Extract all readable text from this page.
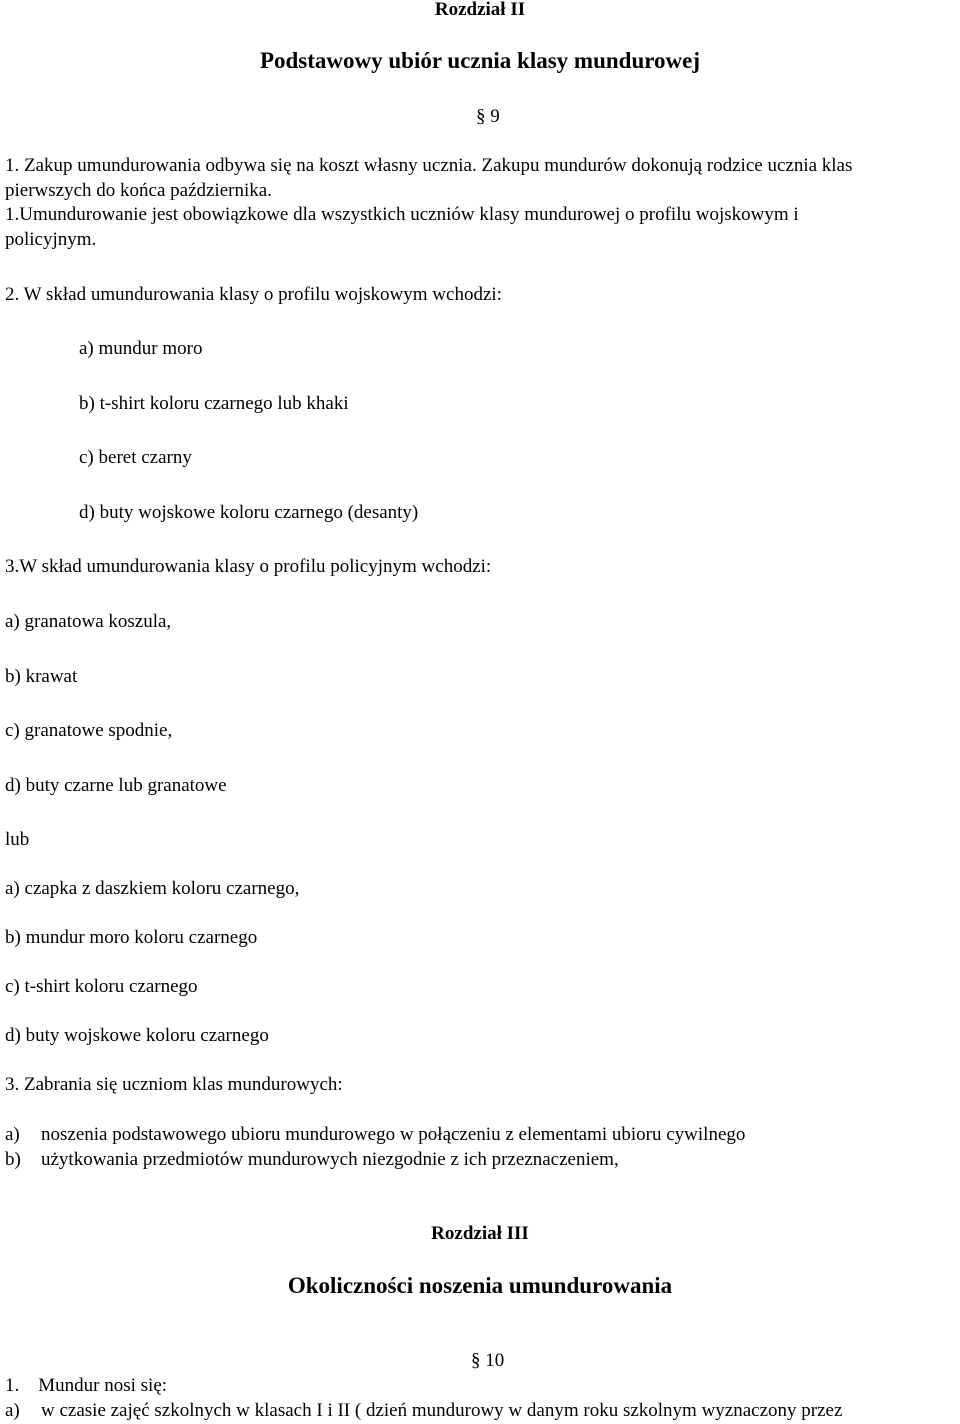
Rozdział II
Podstawowy ubiór ucznia klasy mundurowej
§ 9
1. Zakup umundurowania odbywa się na koszt własny ucznia. Zakupu mundurów dokonują rodzice ucznia klas
pierwszych do końca października.
1.Umundurowanie jest obowiązkowe dla wszystkich uczniów klasy mundurowej o profilu wojskowym i
policyjnym.
2. W skład umundurowania klasy o profilu wojskowym wchodzi:
a) mundur moro
b) t-shirt koloru czarnego lub khaki
c) beret czarny
d) buty wojskowe koloru czarnego (desanty)
3.W skład umundurowania klasy o profilu policyjnym wchodzi:
a) granatowa koszula,
b) krawat
c) granatowe spodnie,
d) buty czarne lub granatowe
lub
a) czapka z daszkiem koloru czarnego,
b) mundur moro koloru czarnego
c) t-shirt koloru czarnego
d) buty wojskowe koloru czarnego
3. Zabrania się uczniom klas mundurowych:
a) noszenia podstawowego ubioru mundurowego w połączeniu z elementami ubioru cywilnego
b) użytkowania przedmiotów mundurowych niezgodnie z ich przeznaczeniem,
Rozdział III
Okoliczności noszenia umundurowania
§ 10
1.    Mundur nosi się:
a) w czasie zajęć szkolnych w klasach I i II ( dzień mundurowy w danym roku szkolnym wyznaczony przez
